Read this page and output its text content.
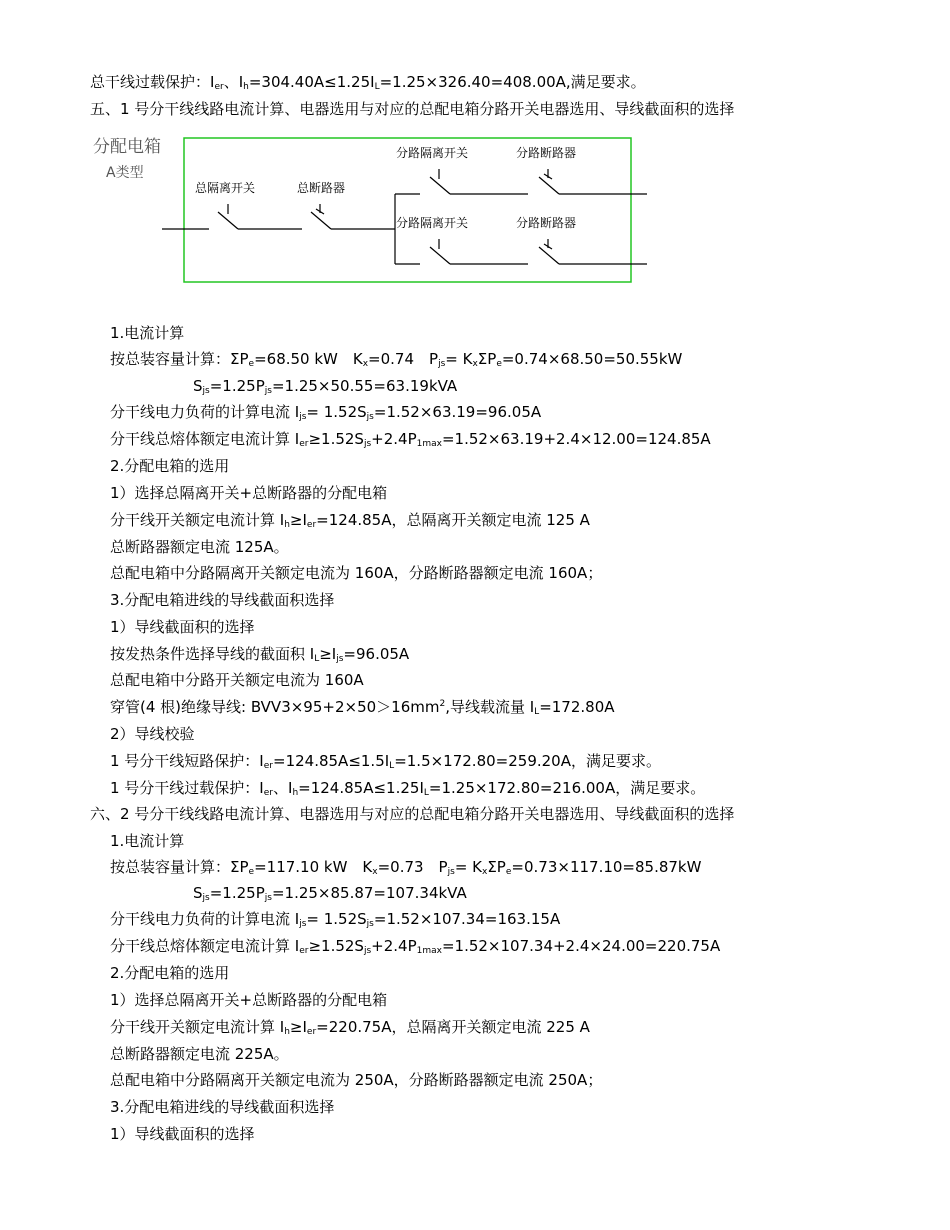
总干线过载保护：$I_{er}$、$I_h=304.40A\le 1.25I_L=1.25\times 326.40=408.00A$,满足要求。
五、1 号分干线线路电流计算、电器选用与对应的总配电箱分路开关电器选用、导线截面积的选择
分配电箱
A类型
总隔离开关	总断路器
分路隔离开关	分路断路器
分路隔离开关	分路断路器
1.电流计算
按总装容量计算：$\Sigma P_e=68.50$ kW　$K_x=0.74$　$P_{js}= K_x\Sigma P_e=0.74\times 68.50=50.55kW$
$S_{js}=1.25P_{js}=1.25\times 50.55=63.19kVA$
分干线电力负荷的计算电流 $I_{js}= 1.52S_{js}=1.52\times 63.19=96.05A$
分干线总熔体额定电流计算 $I_{er}\ge 1.52S_{js}+2.4P_{1max}=1.52\times 63.19+2.4\times 12.00=124.85A$
2.分配电箱的选用
1）选择总隔离开关+总断路器的分配电箱
分干线开关额定电流计算 $I_h\ge I_{er}=124.85A$，总隔离开关额定电流 125 A
总断路器额定电流 125A。
总配电箱中分路隔离开关额定电流为 160A，分路断路器额定电流 160A；
3.分配电箱进线的导线截面积选择
1）导线截面积的选择
按发热条件选择导线的截面积 $I_L\ge I_{js}=96.05A$
总配电箱中分路开关额定电流为 160A
穿管(4 根)绝缘导线: $BVV3\times 95+2\times 50>16mm^2$,导线载流量 $I_L=172.80A$
2）导线校验
1 号分干线短路保护：$I_{er}=124.85A\le 1.5I_L=1.5\times 172.80=259.20A$，满足要求。
1 号分干线过载保护：$I_{er}$、$I_h=124.85A\le 1.25I_L=1.25\times 172.80=216.00A$，满足要求。
六、2 号分干线线路电流计算、电器选用与对应的总配电箱分路开关电器选用、导线截面积的选择
1.电流计算
按总装容量计算：$\Sigma P_e=117.10$ kW　$K_x=0.73$　$P_{js}= K_x\Sigma P_e=0.73\times 117.10=85.87kW$
$S_{js}=1.25P_{js}=1.25\times 85.87=107.34kVA$
分干线电力负荷的计算电流 $I_{js}= 1.52S_{js}=1.52\times 107.34=163.15A$
分干线总熔体额定电流计算 $I_{er}\ge 1.52S_{js}+2.4P_{1max}=1.52\times 107.34+2.4\times 24.00=220.75A$
2.分配电箱的选用
1）选择总隔离开关+总断路器的分配电箱
分干线开关额定电流计算 $I_h\ge I_{er}=220.75A$，总隔离开关额定电流 225 A
总断路器额定电流 225A。
总配电箱中分路隔离开关额定电流为 250A，分路断路器额定电流 250A；
3.分配电箱进线的导线截面积选择
1）导线截面积的选择
